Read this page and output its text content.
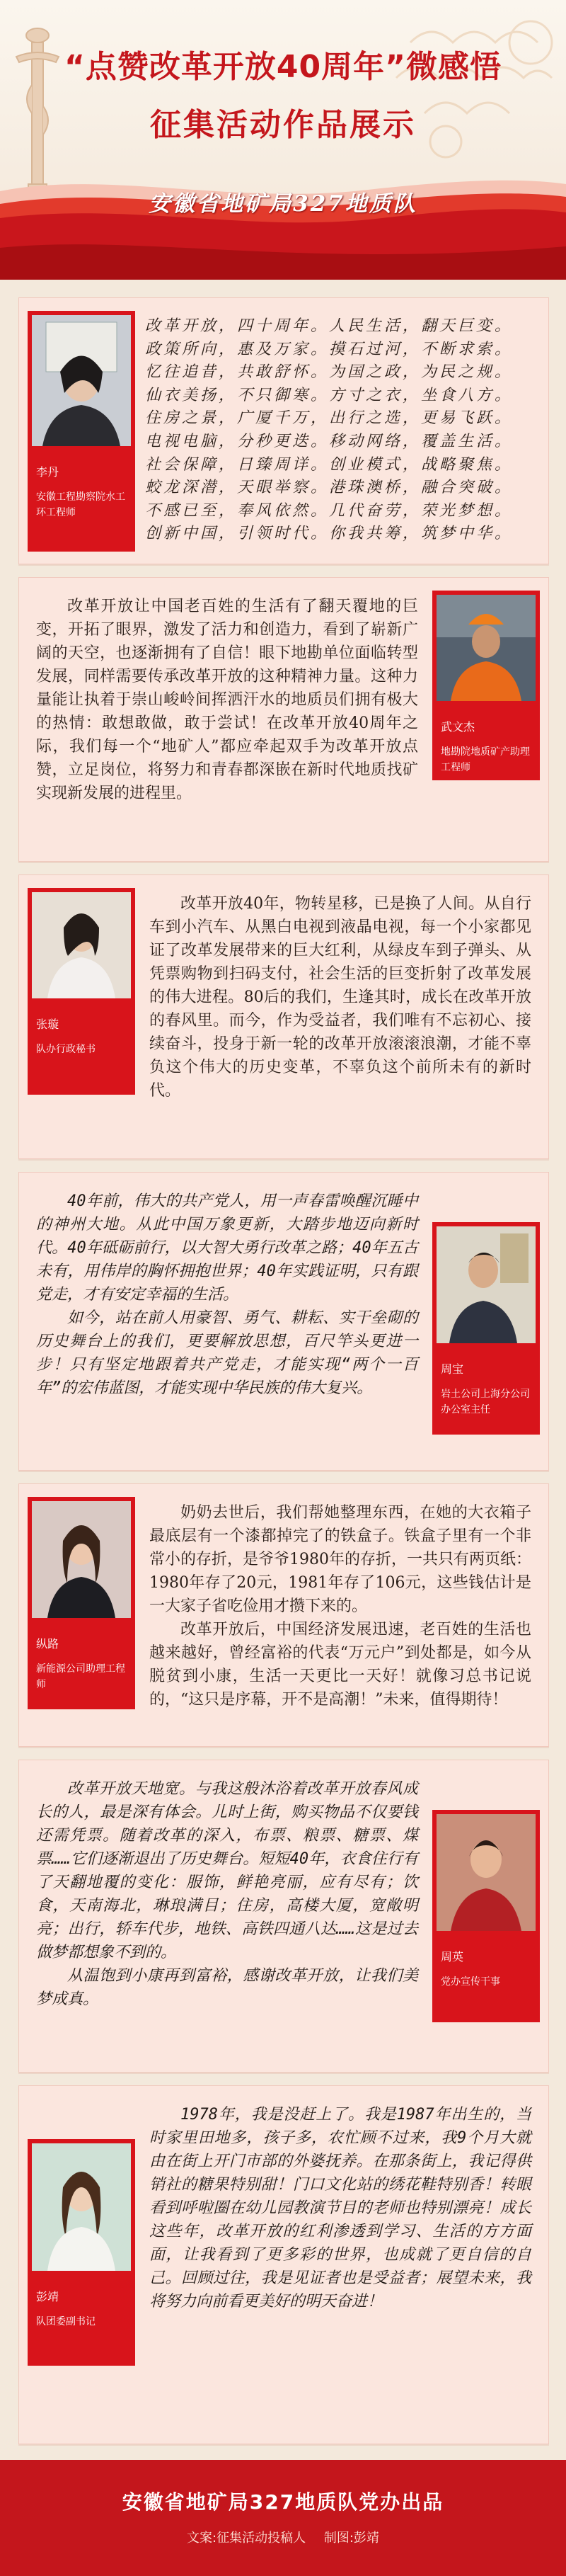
“点赞改革开放40周年”微感悟
征集活动作品展示
安徽省地矿局327地质队
李丹
安徽工程勘察院水工环工程师
改革开放，四十周年。人民生活，翻天巨变。
政策所向，惠及万家。摸石过河，不断求索。
忆往追昔，共敢舒怀。为国之政，为民之规。
仙衣美扬，不只御寒。方寸之衣，坐食八方。
住房之景，广厦千万，出行之选，更易飞跃。
电视电脑，分秒更迭。移动网络，覆盖生活。
社会保障，日臻周详。创业模式，战略聚焦。
蛟龙深潜，天眼举察。港珠澳桥，融合突破。
不感已至，奉风依然。几代奋劳，荣光梦想。
创新中国，引领时代。你我共筹，筑梦中华。

改革开放让中国老百姓的生活有了翻天覆地的巨变，开拓了眼界，激发了活力和创造力，看到了崭新广阔的天空，也逐渐拥有了自信！眼下地勘单位面临转型发展，同样需要传承改革开放的这种精神力量。这种力量能让执着于崇山峻岭间挥洒汗水的地质员们拥有极大的热情：敢想敢做，敢于尝试！在改革开放40周年之际，我们每一个“地矿人”都应牵起双手为改革开放点赞，立足岗位，将努力和青春都深嵌在新时代地质找矿实现新发展的进程里。

武文杰
地勘院地质矿产助理工程师
张璇
队办行政秘书

改革开放40年，物转星移，已是换了人间。从自行车到小汽车、从黑白电视到液晶电视，每一个小家都见证了改革发展带来的巨大红利，从绿皮车到子弹头、从凭票购物到扫码支付，社会生活的巨变折射了改革发展的伟大进程。80后的我们，生逢其时，成长在改革开放的春风里。而今，作为受益者，我们唯有不忘初心、接续奋斗，投身于新一轮的改革开放滚滚浪潮，才能不辜负这个伟大的历史变革，不辜负这个前所未有的新时代。

40年前，伟大的共产党人，用一声春雷唤醒沉睡中的神州大地。从此中国万象更新，大踏步地迈向新时代。40年砥砺前行，以大智大勇行改革之路；40年五古未有，用伟岸的胸怀拥抱世界；40年实践证明，只有跟党走，才有安定幸福的生活。

如今，站在前人用豪智、勇气、耕耘、实干垒砌的历史舞台上的我们，更要解放思想，百尺竿头更进一步！只有坚定地跟着共产党走，才能实现“两个一百年”的宏伟蓝图，才能实现中华民族的伟大复兴。

周宝
岩土公司上海分公司办公室主任
纵路
新能源公司助理工程师

奶奶去世后，我们帮她整理东西，在她的大衣箱子最底层有一个漆都掉完了的铁盒子。铁盒子里有一个非常小的存折，是爷爷1980年的存折，一共只有两页纸：1980年存了20元，1981年存了106元，这些钱估计是一大家子省吃俭用才攒下来的。

改革开放后，中国经济发展迅速，老百姓的生活也越来越好，曾经富裕的代表“万元户”到处都是，如今从脱贫到小康，生活一天更比一天好！就像习总书记说的，“这只是序幕，开不是高潮！”未来，值得期待！

改革开放天地宽。与我这般沐浴着改革开放春风成长的人，最是深有体会。儿时上街，购买物品不仅要钱还需凭票。随着改革的深入，布票、粮票、糖票、煤票……它们逐渐退出了历史舞台。短短40年，衣食住行有了天翻地覆的变化：服饰，鲜艳亮丽，应有尽有；饮食，天南海北，琳琅满目；住房，高楼大厦，宽敞明亮；出行，轿车代步，地铁、高铁四通八达……这是过去做梦都想象不到的。

从温饱到小康再到富裕，感谢改革开放，让我们美梦成真。

周英
党办宣传干事
彭靖
队团委副书记

1978年，我是没赶上了。我是1987年出生的，当时家里田地多，孩子多，农忙顾不过来，我9个月大就由在街上开门市部的外婆抚养。在那条街上，我记得供销社的糖果特别甜！门口文化站的绣花鞋特别香！转眼看到呼啦圈在幼儿园教演节目的老师也特别漂亮！成长这些年，改革开放的红利渗透到学习、生活的方方面面，让我看到了更多彩的世界，也成就了更自信的自己。回顾过往，我是见证者也是受益者；展望未来，我将努力向前看更美好的明天奋进！

安徽省地矿局327地质队党办出品
文案:征集活动投稿人 制图:彭靖
